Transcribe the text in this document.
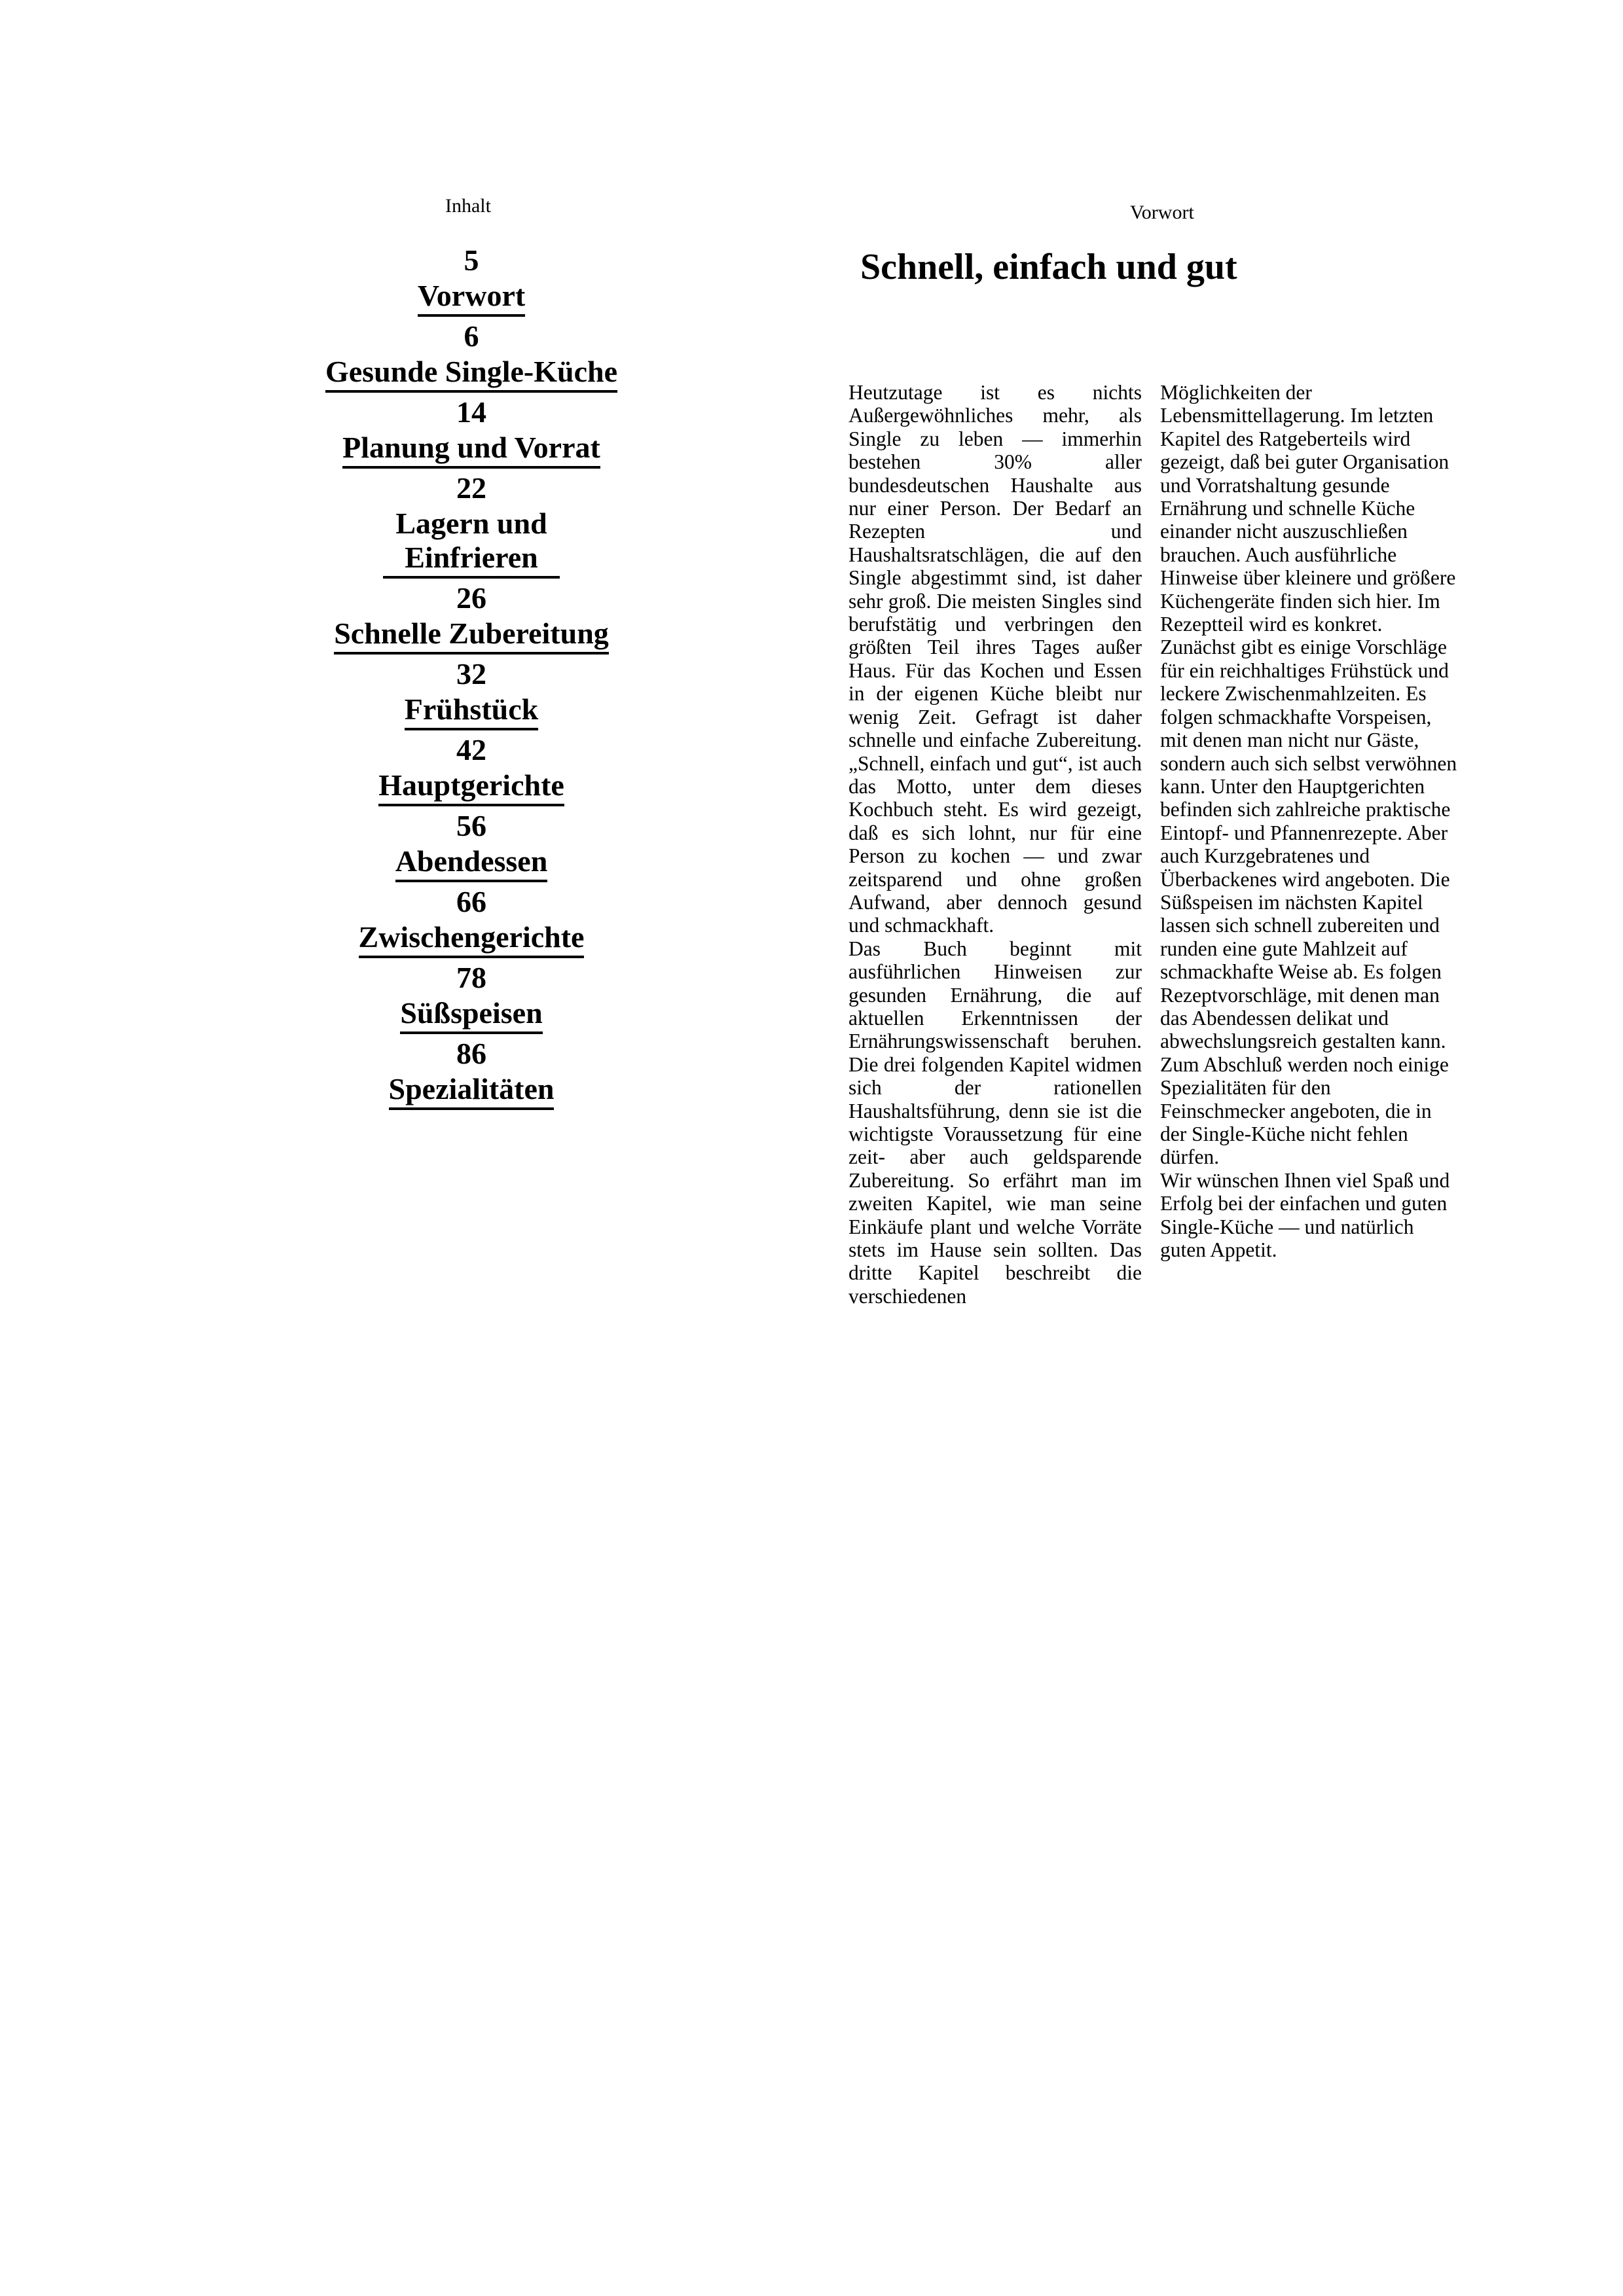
Inhalt
5
Vorwort
6
Gesunde Single-Küche
14
Planung und Vorrat
22
Lagern und Einfrieren
26
Schnelle Zubereitung
32
Frühstück
42
Hauptgerichte
56
Abendessen
66
Zwischengerichte
78
Süßspeisen
86
Spezialitäten
Vorwort
Schnell, einfach und gut

Heutzutage ist es nichts Außergewöhnliches mehr, als Single zu leben — immerhin bestehen 30% aller bundesdeutschen Haushalte aus nur einer Person. Der Bedarf an Rezepten und Haushaltsratschlägen, die auf den Single abgestimmt sind, ist daher sehr groß. Die meisten Singles sind berufstätig und verbringen den größten Teil ihres Tages außer Haus. Für das Kochen und Essen in der eigenen Küche bleibt nur wenig Zeit. Gefragt ist daher schnelle und einfache Zubereitung. „Schnell, einfach und gut“, ist auch das Motto, unter dem dieses Kochbuch steht. Es wird gezeigt, daß es sich lohnt, nur für eine Person zu kochen — und zwar zeitsparend und ohne großen Aufwand, aber dennoch gesund und schmackhaft.

Das Buch beginnt mit ausführlichen Hinweisen zur gesunden Ernährung, die auf aktuellen Erkenntnissen der Ernährungswissenschaft beruhen. Die drei folgenden Kapitel widmen sich der rationellen Haushaltsführung, denn sie ist die wichtigste Voraussetzung für eine zeit- aber auch geldsparende Zubereitung. So erfährt man im zweiten Kapitel, wie man seine Einkäufe plant und welche Vorräte stets im Hause sein sollten. Das dritte Kapitel beschreibt die verschiedenen

Möglichkeiten der Lebensmittellagerung. Im letzten Kapitel des Ratgeberteils wird gezeigt, daß bei guter Organisation und Vorratshaltung gesunde Ernährung und schnelle Küche einander nicht auszuschließen brauchen. Auch ausführliche Hinweise über kleinere und größere Küchengeräte finden sich hier. Im Rezeptteil wird es konkret. Zunächst gibt es einige Vorschläge für ein reichhaltiges Frühstück und leckere Zwischenmahlzeiten. Es folgen schmackhafte Vorspeisen, mit denen man nicht nur Gäste, sondern auch sich selbst verwöhnen kann. Unter den Hauptgerichten befinden sich zahlreiche praktische Eintopf- und Pfannenrezepte. Aber auch Kurzgebratenes und Überbackenes wird angeboten. Die Süßspeisen im nächsten Kapitel lassen sich schnell zubereiten und runden eine gute Mahlzeit auf schmackhafte Weise ab. Es folgen Rezeptvorschläge, mit denen man das Abendessen delikat und abwechslungsreich gestalten kann. Zum Abschluß werden noch einige Spezialitäten für den Feinschmecker angeboten, die in der Single-Küche nicht fehlen dürfen.

Wir wünschen Ihnen viel Spaß und Erfolg bei der einfachen und guten Single-Küche — und natürlich guten Appetit.
